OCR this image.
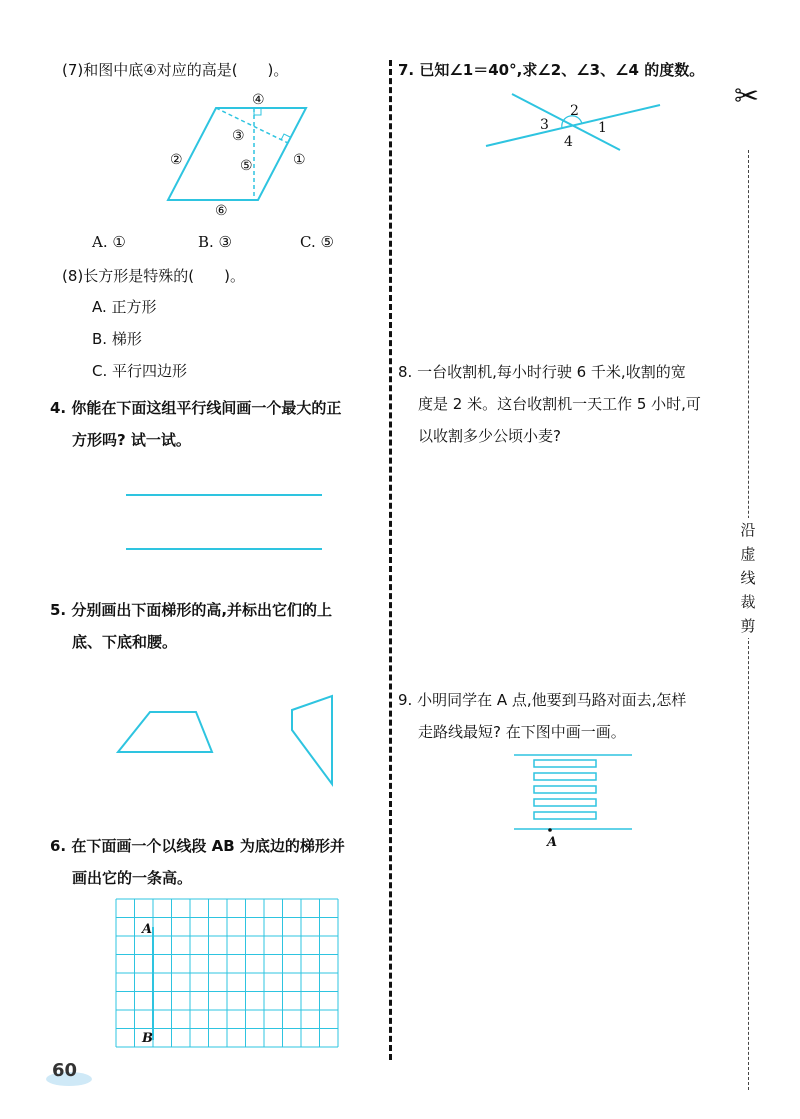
沿虚线裁剪
✂
(7)和图中底④对应的高是(　　)。
①
②
③
④
⑤
⑥
A. ①	B. ③	C. ⑤
(8)长方形是特殊的(　　)。
A. 正方形
B. 梯形
C. 平行四边形
4. 你能在下面这组平行线间画一个最大的正
方形吗? 试一试。
5. 分别画出下面梯形的高,并标出它们的上
底、下底和腰。
6. 在下面画一个以线段 AB 为底边的梯形并
画出它的一条高。
A
B
7. 已知∠1＝40°,求∠2、∠3、∠4 的度数。
1
2
3
4
8. 一台收割机,每小时行驶 6 千米,收割的宽
度是 2 米。这台收割机一天工作 5 小时,可
以收割多少公顷小麦?
9. 小明同学在 A 点,他要到马路对面去,怎样
走路线最短? 在下图中画一画。
A
60
